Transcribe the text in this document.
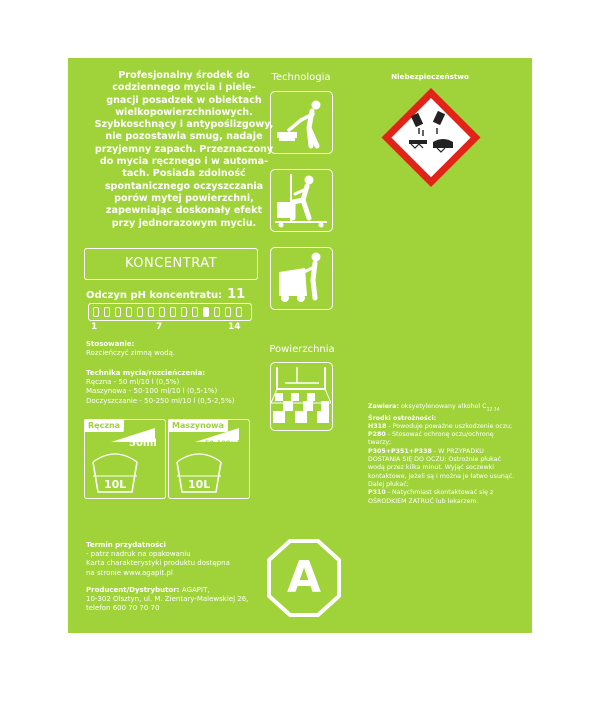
Profesjonalny środek do
codziennego mycia i pielę-
gnacji posadzek w obiektach
wielkopowierzchniowych.
Szybkoschnący i antypoślizgowy,
nie pozostawia smug, nadaje
przyjemny zapach. Przeznaczony
do mycia ręcznego i w automa-
tach. Posiada zdolność
spontanicznego oczyszczania
porów mytej powierzchni,
zapewniając doskonały efekt
przy jednorazowym myciu.
KONCENTRAT
Odczyn pH koncentratu: 11
1	7	14
Stosowanie:
Rozcieńczyć zimną wodą.
Technika mycia/rozcieńczenia:
Ręczna - 50 ml/10 l (0,5%)
Maszynowa - 50-100 ml/10 l (0,5-1%)
Doczyszczanie - 50-250 ml/10 l (0,5-2,5%)
Ręczna
50ml
10L
Maszynowa
50-100ml
10L
Termin przydatności
- patrz nadruk na opakowaniu
Karta charakterystyki produktu dostępna
na stronie www.agapit.pl
Producent/Dystrybutor: AGAPIT,
10-302 Olsztyn, ul. M. Zientary-Malewskiej 26,
telefon 600 70 70 70
Technologia
Powierzchnia
Niebezpieczeństwo
Zawiera: oksyetylenowany alkohol $C_{12-14}$
Środki ostrożności:
H318 - Powoduje poważne uszkodzenie oczu;
P280 - Stosować ochronę oczu/ochronę
twarzy;
P305+P351+P338 - W PRZYPADKU
DOSTANIA SIĘ DO OCZU: Ostrożnie płukać
wodą przez kilka minut. Wyjąć soczewki
kontaktowe, jeżeli są i można je łatwo usunąć.
Dalej płukać;
P310 - Natychmiast skontaktować się z
OŚRODKIEM ZATRUĆ lub lekarzem.
A
